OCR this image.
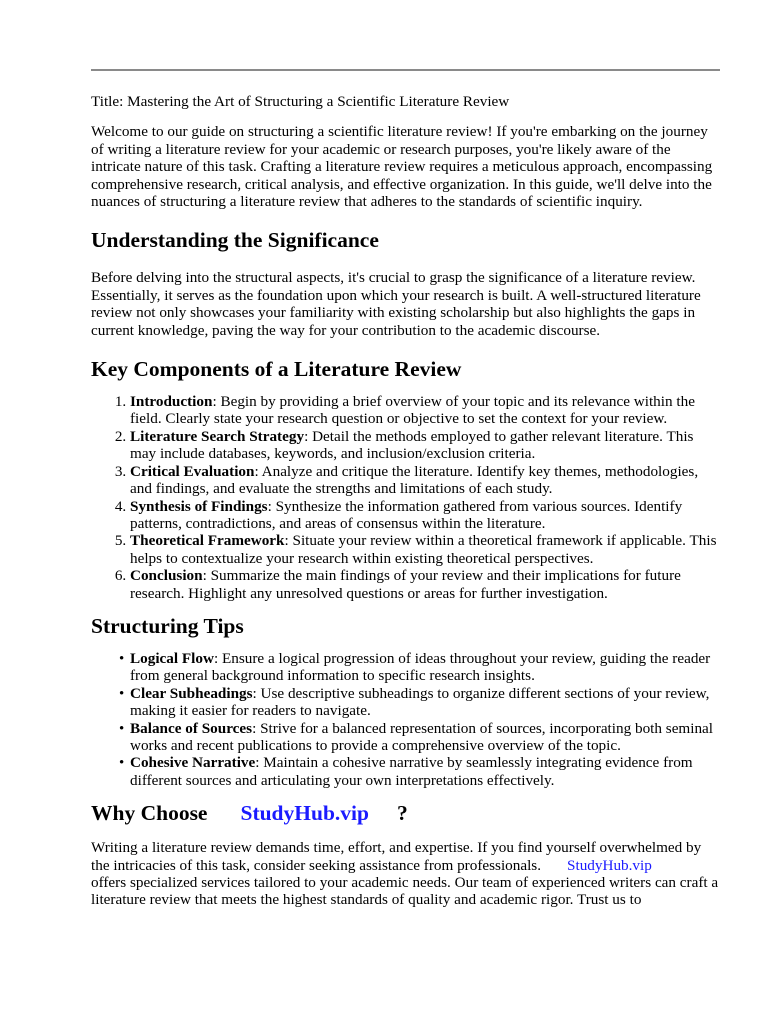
Title: Mastering the Art of Structuring a Scientific Literature Review

Welcome to our guide on structuring a scientific literature review! If you're embarking on the journey of writing a literature review for your academic or research purposes, you're likely aware of the intricate nature of this task. Crafting a literature review requires a meticulous approach, encompassing comprehensive research, critical analysis, and effective organization. In this guide, we'll delve into the nuances of structuring a literature review that adheres to the standards of scientific inquiry.

Understanding the Significance

Before delving into the structural aspects, it's crucial to grasp the significance of a literature review. Essentially, it serves as the foundation upon which your research is built. A well-structured literature review not only showcases your familiarity with existing scholarship but also highlights the gaps in current knowledge, paving the way for your contribution to the academic discourse.

Key Components of a Literature Review
1. Introduction: Begin by providing a brief overview of your topic and its relevance within the field. Clearly state your research question or objective to set the context for your review.
2. Literature Search Strategy: Detail the methods employed to gather relevant literature. This may include databases, keywords, and inclusion/exclusion criteria.
3. Critical Evaluation: Analyze and critique the literature. Identify key themes, methodologies, and findings, and evaluate the strengths and limitations of each study.
4. Synthesis of Findings: Synthesize the information gathered from various sources. Identify patterns, contradictions, and areas of consensus within the literature.
5. Theoretical Framework: Situate your review within a theoretical framework if applicable. This helps to contextualize your research within existing theoretical perspectives.
6. Conclusion: Summarize the main findings of your review and their implications for future research. Highlight any unresolved questions or areas for further investigation.
Structuring Tips
• Logical Flow: Ensure a logical progression of ideas throughout your review, guiding the reader from general background information to specific research insights.
• Clear Subheadings: Use descriptive subheadings to organize different sections of your review, making it easier for readers to navigate.
• Balance of Sources: Strive for a balanced representation of sources, incorporating both seminal works and recent publications to provide a comprehensive overview of the topic.
• Cohesive Narrative: Maintain a cohesive narrative by seamlessly integrating evidence from different sources and articulating your own interpretations effectively.
Why Choose StudyHub.vip ?

Writing a literature review demands time, effort, and expertise. If you find yourself overwhelmed by the intricacies of this task, consider seeking assistance from professionals. StudyHub.vip
offers specialized services tailored to your academic needs. Our team of experienced writers can craft a literature review that meets the highest standards of quality and academic rigor. Trust us to
